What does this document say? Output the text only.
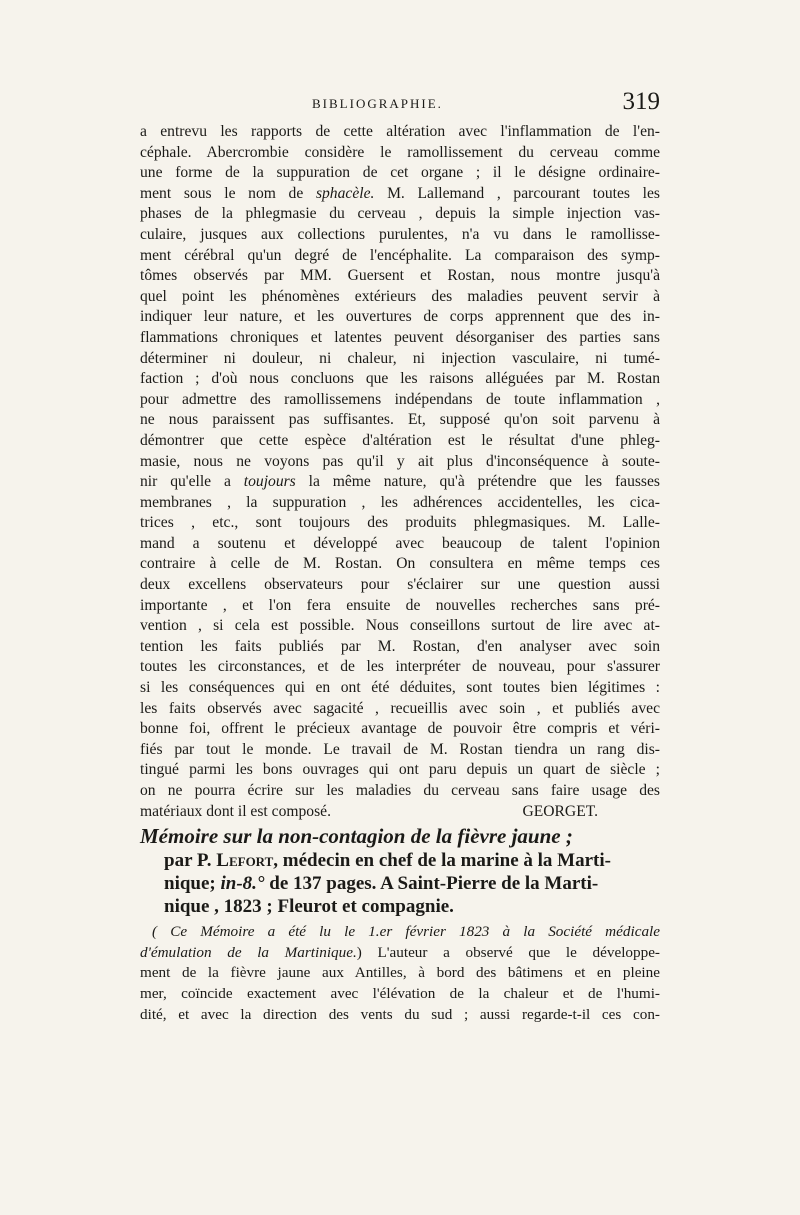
BIBLIOGRAPHIE.	319

a entrevu les rapports de cette altération avec l'inflammation de l'en-
céphale. Abercrombie considère le ramollissement du cerveau comme
une forme de la suppuration de cet organe ; il le désigne ordinaire-
ment sous le nom de sphacèle. M. Lallemand , parcourant toutes les
phases de la phlegmasie du cerveau , depuis la simple injection vas-
culaire, jusques aux collections purulentes, n'a vu dans le ramollisse-
ment cérébral qu'un degré de l'encéphalite. La comparaison des symp-
tômes observés par MM. Guersent et Rostan, nous montre jusqu'à
quel point les phénomènes extérieurs des maladies peuvent servir à
indiquer leur nature, et les ouvertures de corps apprennent que des in-
flammations chroniques et latentes peuvent désorganiser des parties sans
déterminer ni douleur, ni chaleur, ni injection vasculaire, ni tumé-
faction ; d'où nous concluons que les raisons alléguées par M. Rostan
pour admettre des ramollissemens indépendans de toute inflammation ,
ne nous paraissent pas suffisantes. Et, supposé qu'on soit parvenu à
démontrer que cette espèce d'altération est le résultat d'une phleg-
masie, nous ne voyons pas qu'il y ait plus d'inconséquence à soute-
nir qu'elle a toujours la même nature, qu'à prétendre que les fausses
membranes , la suppuration , les adhérences accidentelles, les cica-
trices , etc., sont toujours des produits phlegmasiques. M. Lalle-
mand a soutenu et développé avec beaucoup de talent l'opinion
contraire à celle de M. Rostan. On consultera en même temps ces
deux excellens observateurs pour s'éclairer sur une question aussi
importante , et l'on fera ensuite de nouvelles recherches sans pré-
vention , si cela est possible. Nous conseillons surtout de lire avec at-
tention les faits publiés par M. Rostan, d'en analyser avec soin
toutes les circonstances, et de les interpréter de nouveau, pour s'assurer
si les conséquences qui en ont été déduites, sont toutes bien légitimes :
les faits observés avec sagacité , recueillis avec soin , et publiés avec
bonne foi, offrent le précieux avantage de pouvoir être compris et véri-
fiés par tout le monde. Le travail de M. Rostan tiendra un rang dis-
tingué parmi les bons ouvrages qui ont paru depuis un quart de siècle ;
on ne pourra écrire sur les maladies du cerveau sans faire usage des
matériaux dont il est composé.	GEORGET.

Mémoire sur la non-contagion de la fièvre jaune ;
par P. Lefort, médecin en chef de la marine à la Marti-
nique; in-8.° de 137 pages. A Saint-Pierre de la Marti-
nique , 1823 ; Fleurot et compagnie.

( Ce Mémoire a été lu le 1.er février 1823 à la Société médicale
d'émulation de la Martinique.) L'auteur a observé que le développe-
ment de la fièvre jaune aux Antilles, à bord des bâtimens et en pleine
mer, coïncide exactement avec l'élévation de la chaleur et de l'humi-
dité, et avec la direction des vents du sud ; aussi regarde-t-il ces con-
